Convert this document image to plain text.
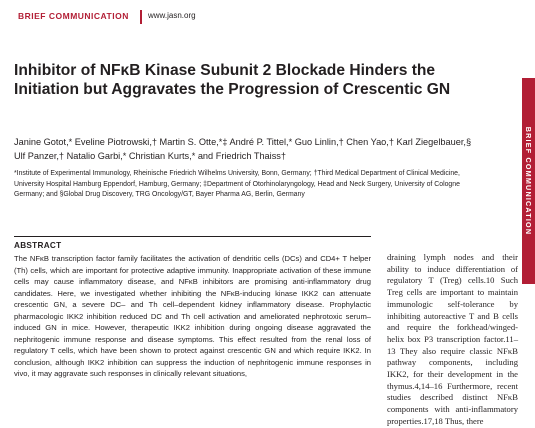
BRIEF COMMUNICATION www.jasn.org
BRIEF COMMUNICATION
Inhibitor of NFκB Kinase Subunit 2 Blockade Hinders the Initiation but Aggravates the Progression of Crescentic GN
Janine Gotot,* Eveline Piotrowski,† Martin S. Otte,*‡ André P. Tittel,* Guo Linlin,† Chen Yao,† Karl Ziegelbauer,§ Ulf Panzer,† Natalio Garbi,* Christian Kurts,* and Friedrich Thaiss†
*Institute of Experimental Immunology, Rheinische Friedrich Wilhelms University, Bonn, Germany; †Third Medical Department of Clinical Medicine, University Hospital Hamburg Eppendorf, Hamburg, Germany; ‡Department of Otorhinolaryngology, Head and Neck Surgery, University of Cologne Germany; and §Global Drug Discovery, TRG Oncology/GT, Bayer Pharma AG, Berlin, Germany
ABSTRACT
The NFκB transcription factor family facilitates the activation of dendritic cells (DCs) and CD4+ T helper (Th) cells, which are important for protective adaptive immunity. Inappropriate activation of these immune cells may cause inflammatory disease, and NFκB inhibitors are promising anti-inflammatory drug candidates. Here, we investigated whether inhibiting the NFκB-inducing kinase IKK2 can attenuate crescentic GN, a severe DC– and Th cell–dependent kidney inflammatory disease. Prophylactic pharmacologic IKK2 inhibition reduced DC and Th cell activation and ameliorated nephrotoxic serum–induced GN in mice. However, therapeutic IKK2 inhibition during ongoing disease aggravated the nephritogenic immune response and disease symptoms. This effect resulted from the renal loss of regulatory T cells, which have been shown to protect against crescentic GN and which require IKK2. In conclusion, although IKK2 inhibition can suppress the induction of nephritogenic immune responses in vivo, it may aggravate such responses in clinically relevant situations,
draining lymph nodes and their ability to induce differentiation of regulatory T (Treg) cells.10 Such Treg cells are important to maintain immunologic self-tolerance by inhibiting autoreactive T and B cells and require the forkhead/winged-helix box P3 transcription factor.11–13 They also require classic NFκB pathway components, including IKK2, for their development in the thymus.4,14–16 Furthermore, recent studies described distinct NFκB components with anti-inflammatory properties.17,18 Thus, there
